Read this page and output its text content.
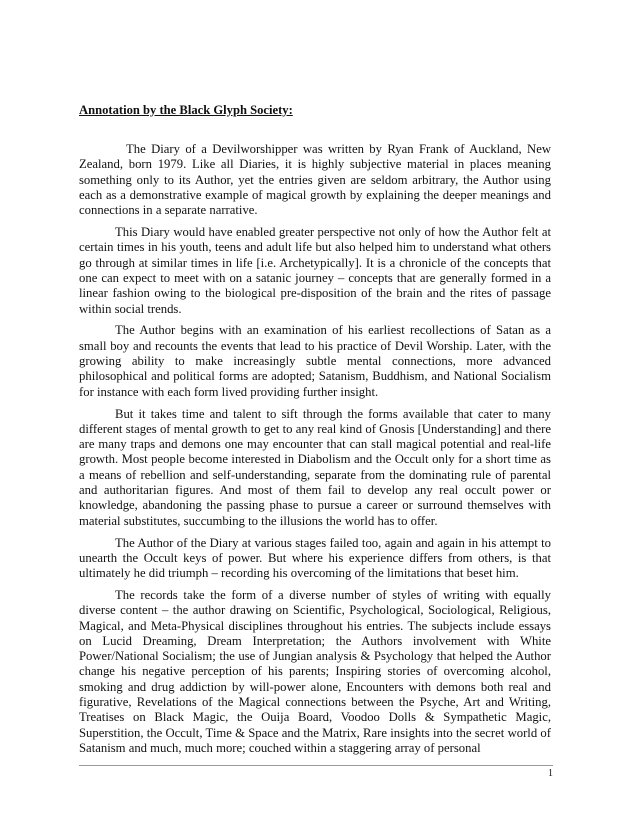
Annotation by the Black Glyph Society:

The Diary of a Devilworshipper was written by Ryan Frank of Auckland, New Zealand, born 1979. Like all Diaries, it is highly subjective material in places meaning something only to its Author, yet the entries given are seldom arbitrary, the Author using each as a demonstrative example of magical growth by explaining the deeper meanings and connections in a separate narrative.

This Diary would have enabled greater perspective not only of how the Author felt at certain times in his youth, teens and adult life but also helped him to understand what others go through at similar times in life [i.e. Archetypically]. It is a chronicle of the concepts that one can expect to meet with on a satanic journey – concepts that are generally formed in a linear fashion owing to the biological pre-disposition of the brain and the rites of passage within social trends.

The Author begins with an examination of his earliest recollections of Satan as a small boy and recounts the events that lead to his practice of Devil Worship. Later, with the growing ability to make increasingly subtle mental connections, more advanced philosophical and political forms are adopted; Satanism, Buddhism, and National Socialism for instance with each form lived providing further insight.

But it takes time and talent to sift through the forms available that cater to many different stages of mental growth to get to any real kind of Gnosis [Understanding] and there are many traps and demons one may encounter that can stall magical potential and real-life growth. Most people become interested in Diabolism and the Occult only for a short time as a means of rebellion and self-understanding, separate from the dominating rule of parental and authoritarian figures. And most of them fail to develop any real occult power or knowledge, abandoning the passing phase to pursue a career or surround themselves with material substitutes, succumbing to the illusions the world has to offer.

The Author of the Diary at various stages failed too, again and again in his attempt to unearth the Occult keys of power. But where his experience differs from others, is that ultimately he did triumph – recording his overcoming of the limitations that beset him.

The records take the form of a diverse number of styles of writing with equally diverse content – the author drawing on Scientific, Psychological, Sociological, Religious, Magical, and Meta-Physical disciplines throughout his entries. The subjects include essays on Lucid Dreaming, Dream Interpretation; the Authors involvement with White Power/National Socialism; the use of Jungian analysis & Psychology that helped the Author change his negative perception of his parents; Inspiring stories of overcoming alcohol, smoking and drug addiction by will-power alone, Encounters with demons both real and figurative, Revelations of the Magical connections between the Psyche, Art and Writing, Treatises on Black Magic, the Ouija Board, Voodoo Dolls & Sympathetic Magic, Superstition, the Occult, Time & Space and the Matrix, Rare insights into the secret world of Satanism and much, much more; couched within a staggering array of personal

1
